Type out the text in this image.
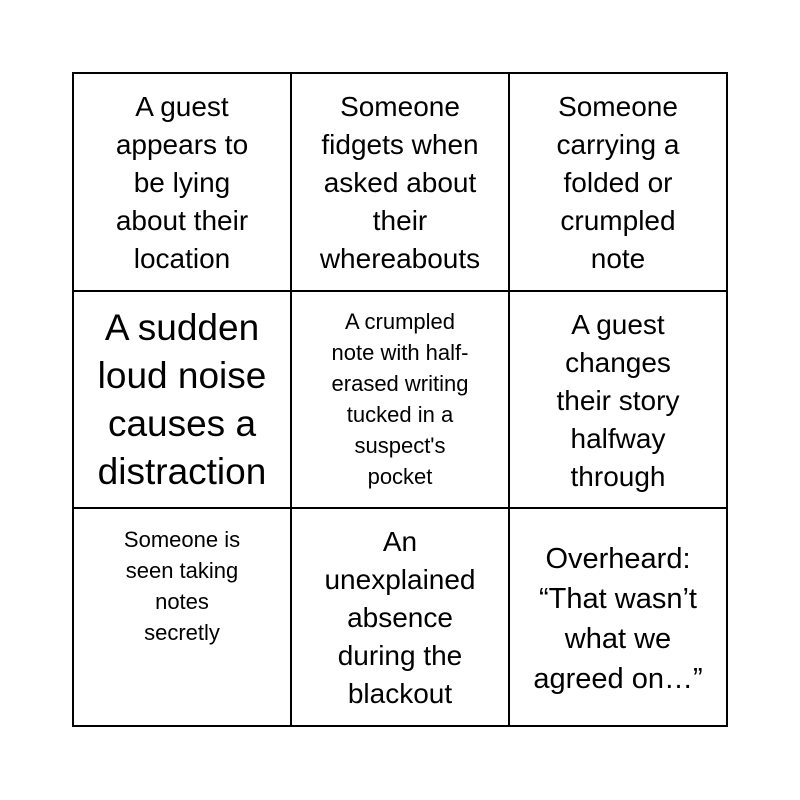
A guest
appears to
be lying
about their
location
Someone
fidgets when
asked about
their
whereabouts
Someone
carrying a
folded or
crumpled
note
A sudden
loud noise
causes a
distraction
A crumpled
note with half-
erased writing
tucked in a
suspect's
pocket
A guest
changes
their story
halfway
through
Someone is
seen taking
notes
secretly
An
unexplained
absence
during the
blackout
Overheard:
“That wasn’t
what we
agreed on…”
